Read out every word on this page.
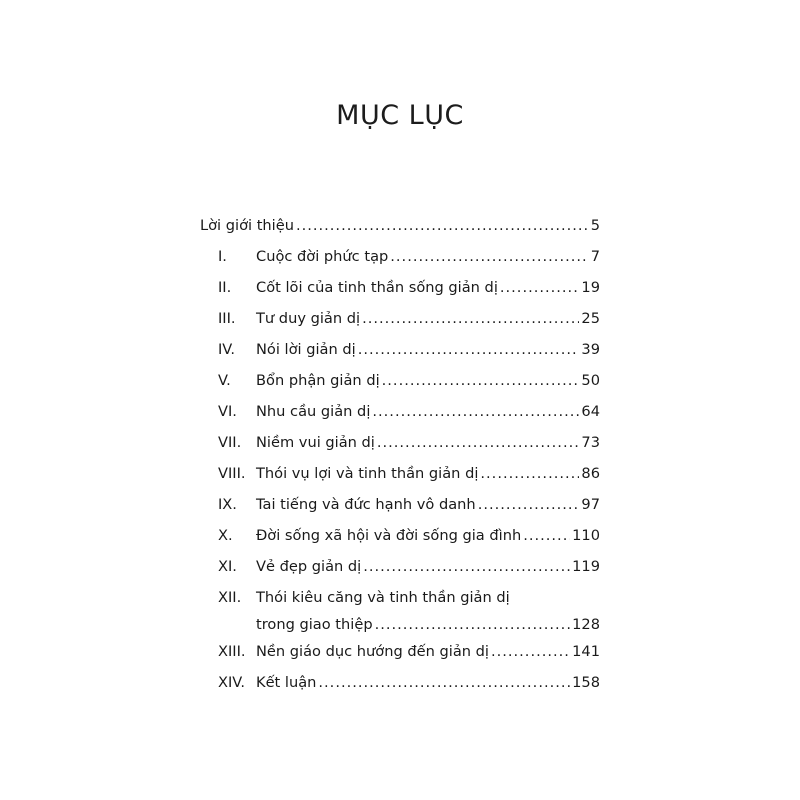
MỤC LỤC
Lời giới thiệu .....	5
I.	Cuộc đời phức tạp .....	7
II.	Cốt lõi của tinh thần sống giản dị .....	19
III.	Tư duy giản dị .....	25
IV.	Nói lời giản dị .....	39
V.	Bổn phận giản dị .....	50
VI.	Nhu cầu giản dị .....	64
VII.	Niềm vui giản dị .....	73
VIII. Thói vụ lợi và tinh thần giản dị .....	86
IX.	Tai tiếng và đức hạnh vô danh .....	97
X.	Đời sống xã hội và đời sống gia đình .....	110
XI.	Vẻ đẹp giản dị .....	119
XII.	Thói kiêu căng và tinh thần giản dị
trong giao thiệp .....	128
XIII. Nền giáo dục hướng đến giản dị .....	141
XIV. Kết luận .....	158
